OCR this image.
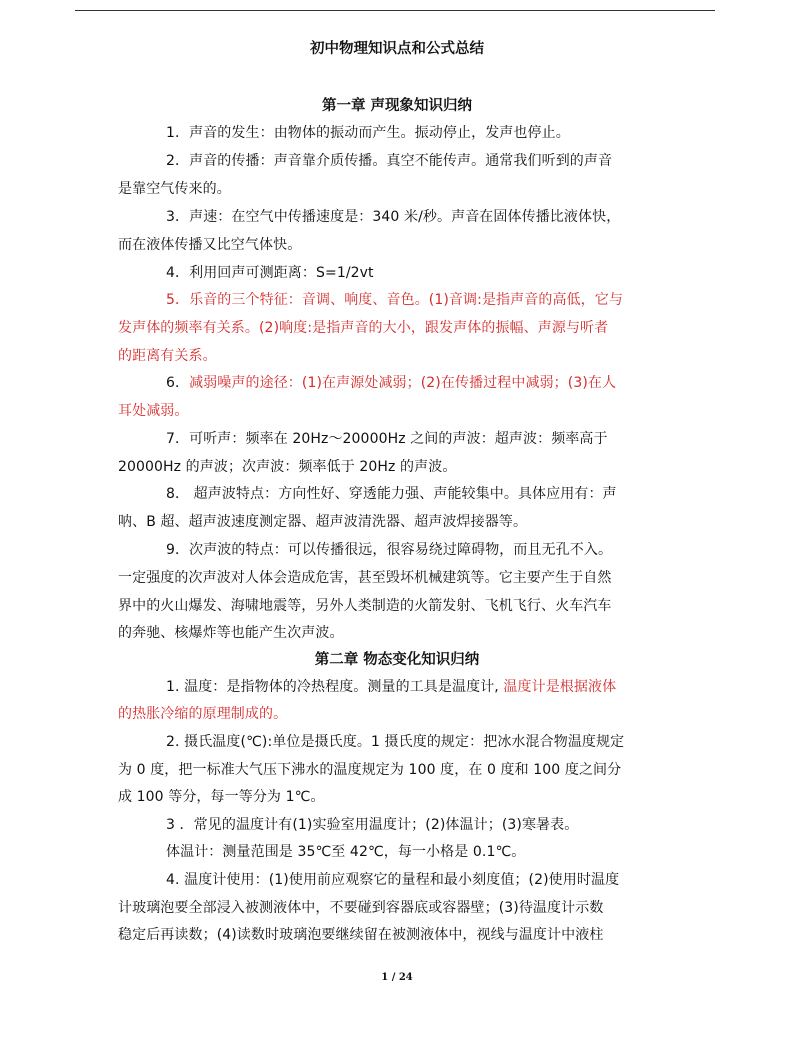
初中物理知识点和公式总结
第一章 声现象知识归纳
1．声音的发生：由物体的振动而产生。振动停止，发声也停止。
2．声音的传播：声音靠介质传播。真空不能传声。通常我们听到的声音
是靠空气传来的。
3．声速：在空气中传播速度是：340 米/秒。声音在固体传播比液体快，
而在液体传播又比空气体快。
4．利用回声可测距离：S=1/2vt
5．乐音的三个特征：音调、响度、音色。(1)音调:是指声音的高低，它与
发声体的频率有关系。(2)响度:是指声音的大小，跟发声体的振幅、声源与听者
的距离有关系。
6．减弱噪声的途径：(1)在声源处减弱；(2)在传播过程中减弱；(3)在人
耳处减弱。
7．可听声：频率在 20Hz～20000Hz 之间的声波：超声波：频率高于
20000Hz 的声波；次声波：频率低于 20Hz 的声波。
8． 超声波特点：方向性好、穿透能力强、声能较集中。具体应用有：声
呐、B 超、超声波速度测定器、超声波清洗器、超声波焊接器等。
9．次声波的特点：可以传播很远，很容易绕过障碍物，而且无孔不入。
一定强度的次声波对人体会造成危害，甚至毁坏机械建筑等。它主要产生于自然
界中的火山爆发、海啸地震等，另外人类制造的火箭发射、飞机飞行、火车汽车
的奔驰、核爆炸等也能产生次声波。
第二章 物态变化知识归纳
1. 温度：是指物体的冷热程度。测量的工具是温度计, 温度计是根据液体
的热胀冷缩的原理制成的。
2. 摄氏温度(℃):单位是摄氏度。1 摄氏度的规定：把冰水混合物温度规定
为 0 度，把一标准大气压下沸水的温度规定为 100 度，在 0 度和 100 度之间分
成 100 等分，每一等分为 1℃。
3 ．常见的温度计有(1)实验室用温度计；(2)体温计；(3)寒暑表。
体温计：测量范围是 35℃至 42℃，每一小格是 0.1℃。
4. 温度计使用：(1)使用前应观察它的量程和最小刻度值；(2)使用时温度
计玻璃泡要全部浸入被测液体中，不要碰到容器底或容器壁；(3)待温度计示数
稳定后再读数；(4)读数时玻璃泡要继续留在被测液体中，视线与温度计中液柱
1 / 24
